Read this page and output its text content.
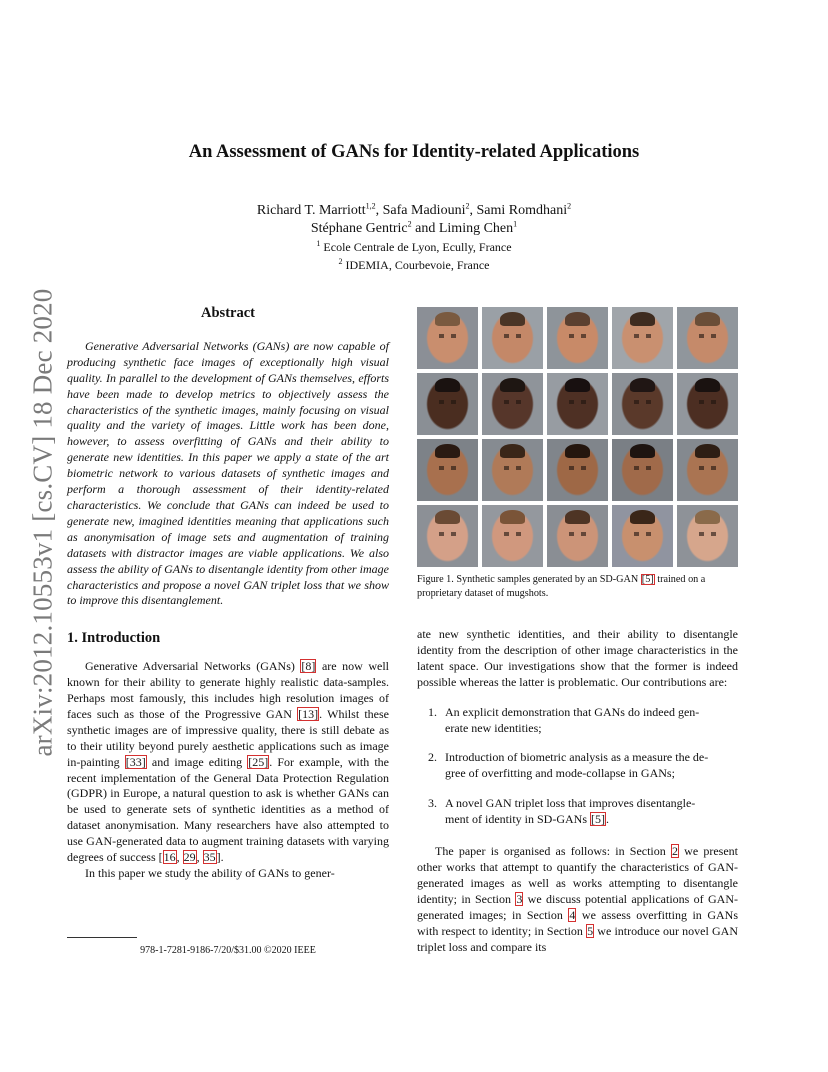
arXiv:2012.10553v1 [cs.CV] 18 Dec 2020
An Assessment of GANs for Identity-related Applications
Richard T. Marriott$^{1,2}$, Safa Madiouni$^2$, Sami Romdhani$^2$
Stéphane Gentric$^2$ and Liming Chen$^1$
$^1$ Ecole Centrale de Lyon, Ecully, France
$^2$ IDEMIA, Courbevoie, France
Abstract

Generative Adversarial Networks (GANs) are now capable of producing synthetic face images of exceptionally high visual quality. In parallel to the development of GANs themselves, efforts have been made to develop metrics to objectively assess the characteristics of the synthetic images, mainly focusing on visual quality and the variety of images. Little work has been done, however, to assess overfitting of GANs and their ability to generate new identities. In this paper we apply a state of the art biometric network to various datasets of synthetic images and perform a thorough assessment of their identity-related characteristics. We conclude that GANs can indeed be used to generate new, imagined identities meaning that applications such as anonymisation of image sets and augmentation of training datasets with distractor images are viable applications. We also assess the ability of GANs to disentangle identity from other image characteristics and propose a novel GAN triplet loss that we show to improve this disentanglement.

1. Introduction

Generative Adversarial Networks (GANs) [8] are now well known for their ability to generate highly realistic data-samples. Perhaps most famously, this includes high resolution images of faces such as those of the Progressive GAN [13]. Whilst these synthetic images are of impressive quality, there is still debate as to their utility beyond purely aesthetic applications such as image in-painting [33] and image editing [25]. For example, with the recent implementation of the General Data Protection Regulation (GDPR) in Europe, a natural question to ask is whether GANs can be used to generate sets of synthetic identities as a method of dataset anonymisation. Many researchers have also attempted to use GAN-generated data to augment training datasets with varying degrees of success [16, 29, 35].

In this paper we study the ability of GANs to gener-

978-1-7281-9186-7/20/$31.00 ©2020 IEEE
Figure 1. Synthetic samples generated by an SD-GAN [5] trained on a proprietary dataset of mugshots.

ate new synthetic identities, and their ability to disentangle identity from the description of other image characteristics in the latent space. Our investigations show that the former is indeed possible whereas the latter is problematic. Our contributions are:

1. An explicit demonstration that GANs do indeed gen-
erate new identities;
2. Introduction of biometric analysis as a measure the de-
gree of overfitting and mode-collapse in GANs;
3. A novel GAN triplet loss that improves disentangle-
ment of identity in SD-GANs [5].

The paper is organised as follows: in Section 2 we present other works that attempt to quantify the characteristics of GAN-generated images as well as works attempting to disentangle identity; in Section 3 we discuss potential applications of GAN-generated images; in Section 4 we assess overfitting in GANs with respect to identity; in Section 5 we introduce our novel GAN triplet loss and compare its
